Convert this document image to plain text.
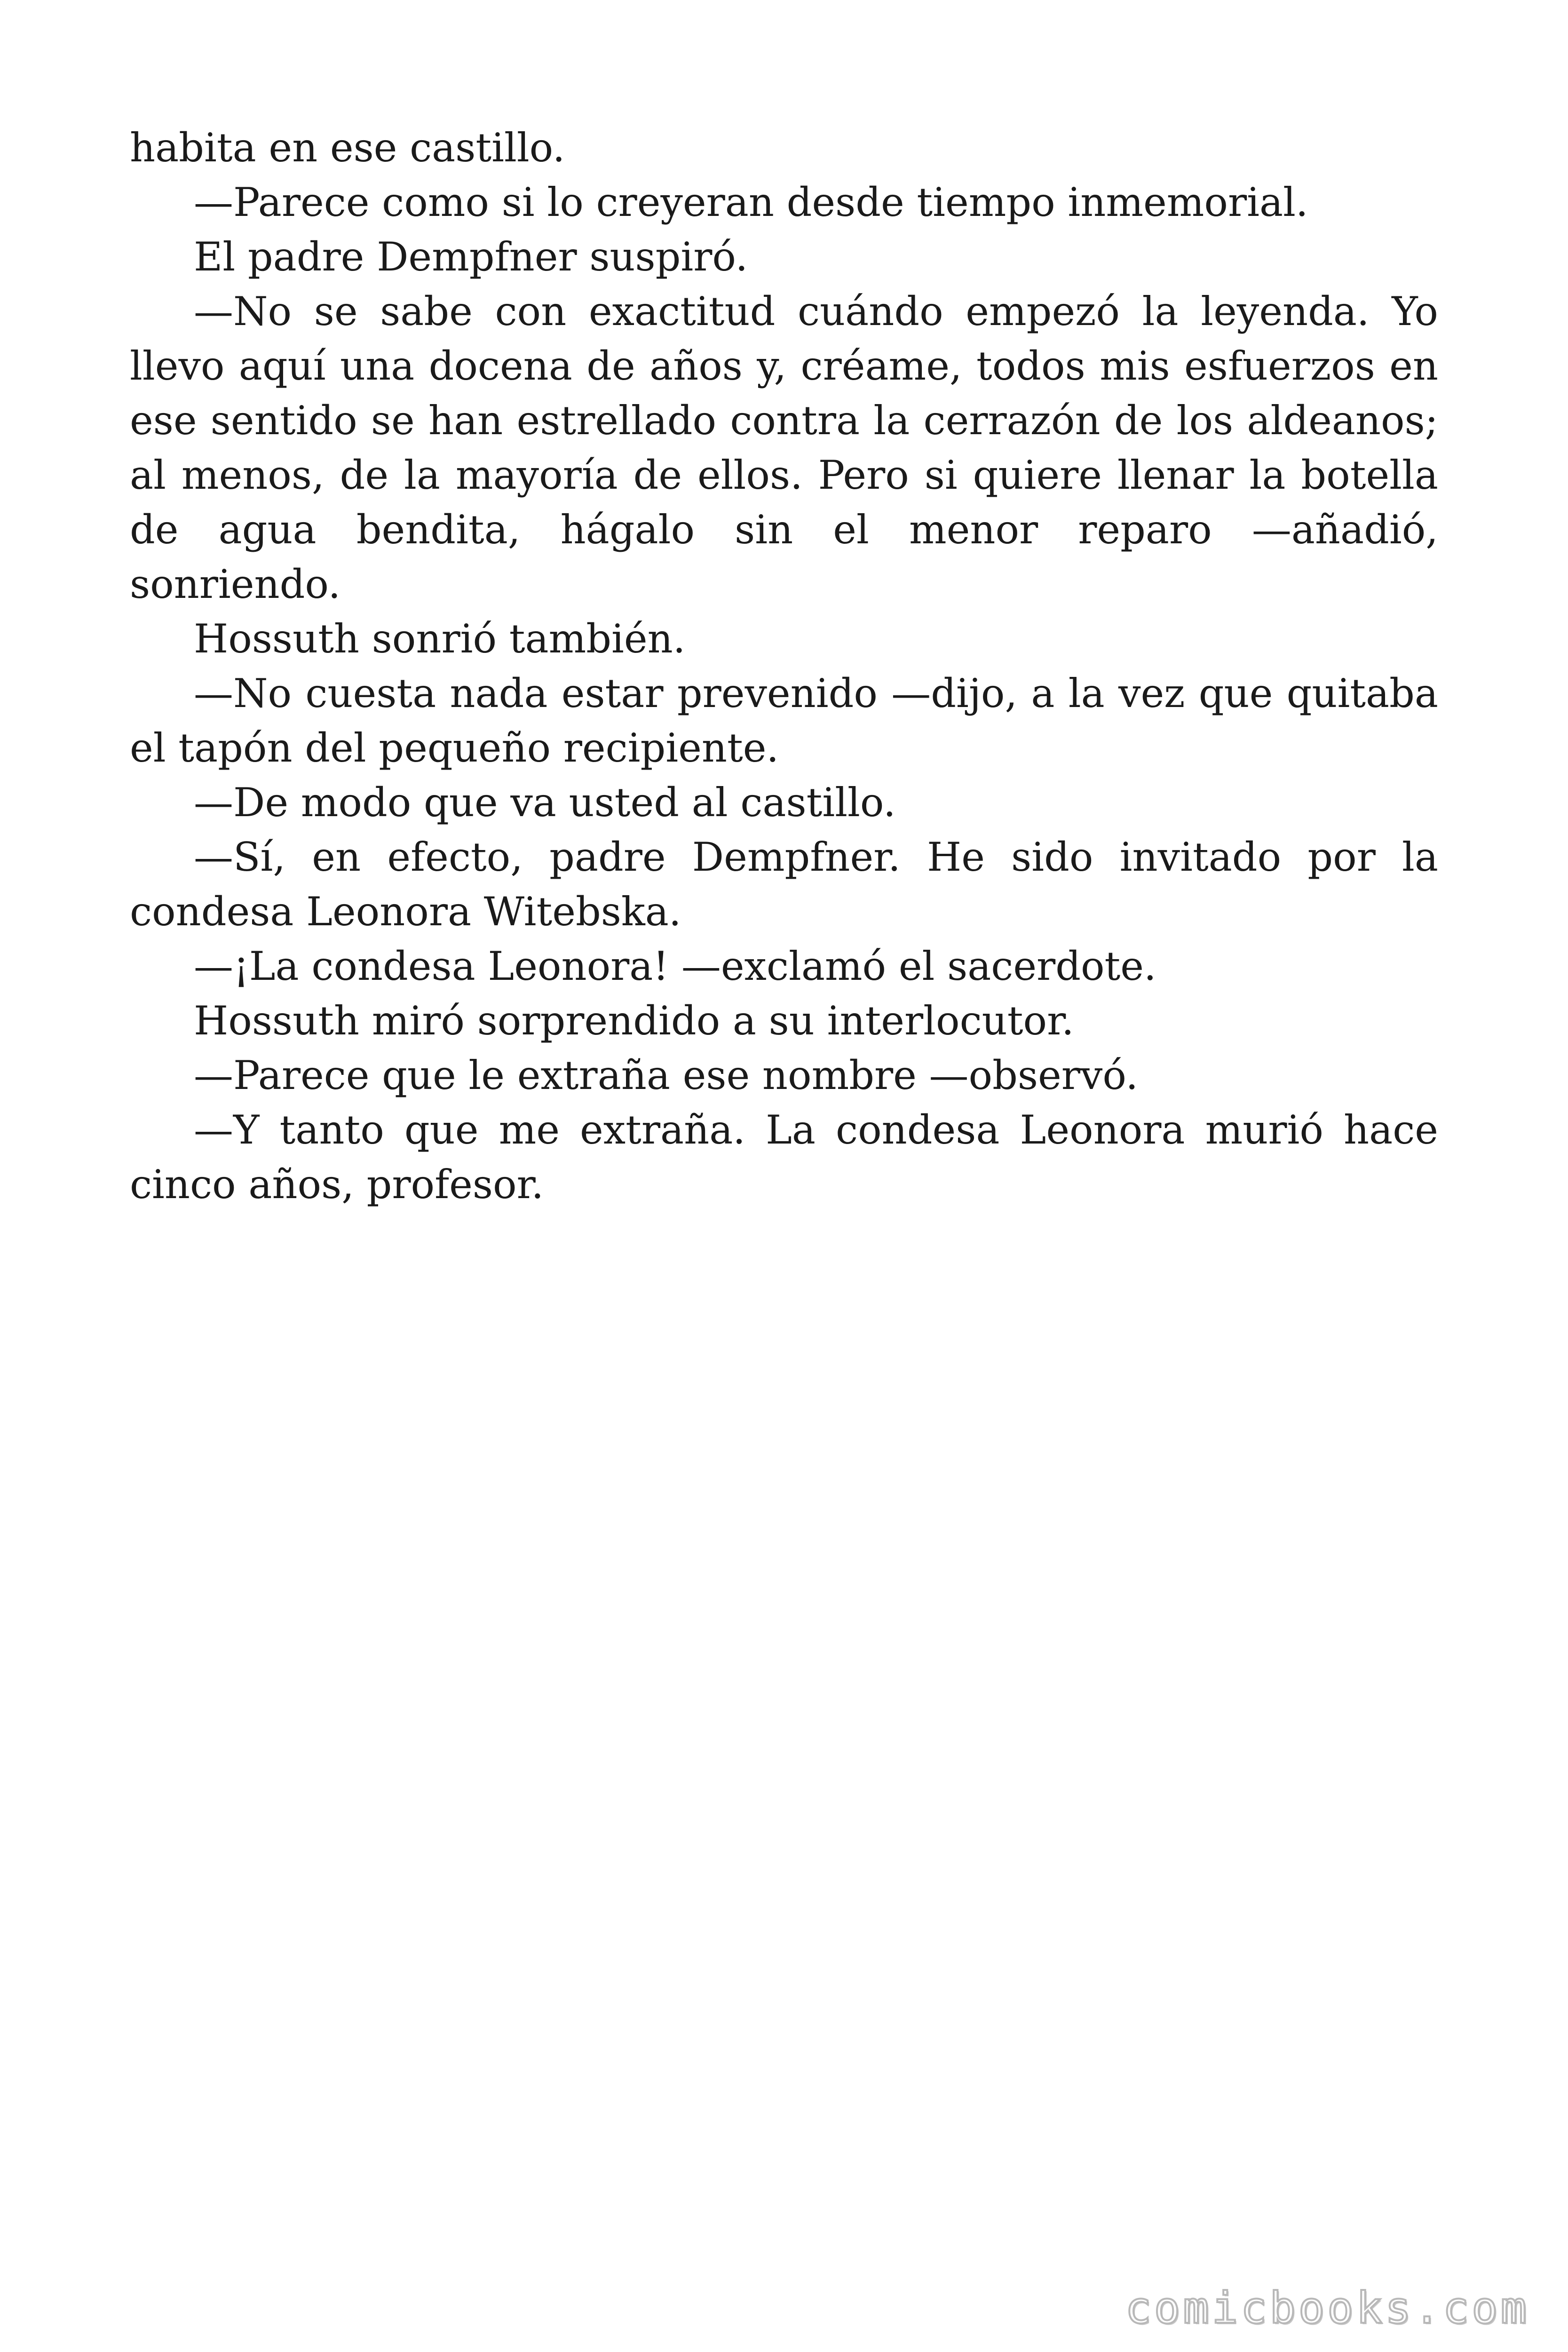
habita en ese castillo.

—Parece como si lo creyeran desde tiempo inmemorial.

El padre Dempfner suspiró.

—No se sabe con exactitud cuándo empezó la leyenda. Yo llevo aquí una docena de años y, créame, todos mis esfuerzos en ese sentido se han estrellado contra la cerrazón de los aldeanos; al menos, de la mayoría de ellos. Pero si quiere llenar la botella de agua bendita, hágalo sin el menor reparo —añadió, sonriendo.

Hossuth sonrió también.

—No cuesta nada estar prevenido —dijo, a la vez que quitaba el tapón del pequeño recipiente.

—De modo que va usted al castillo.

—Sí, en efecto, padre Dempfner. He sido invitado por la condesa Leonora Witebska.

—¡La condesa Leonora! —exclamó el sacerdote.

Hossuth miró sorprendido a su interlocutor.

—Parece que le extraña ese nombre —observó.

—Y tanto que me extraña. La condesa Leonora murió hace cinco años, profesor.

comicbooks.com
